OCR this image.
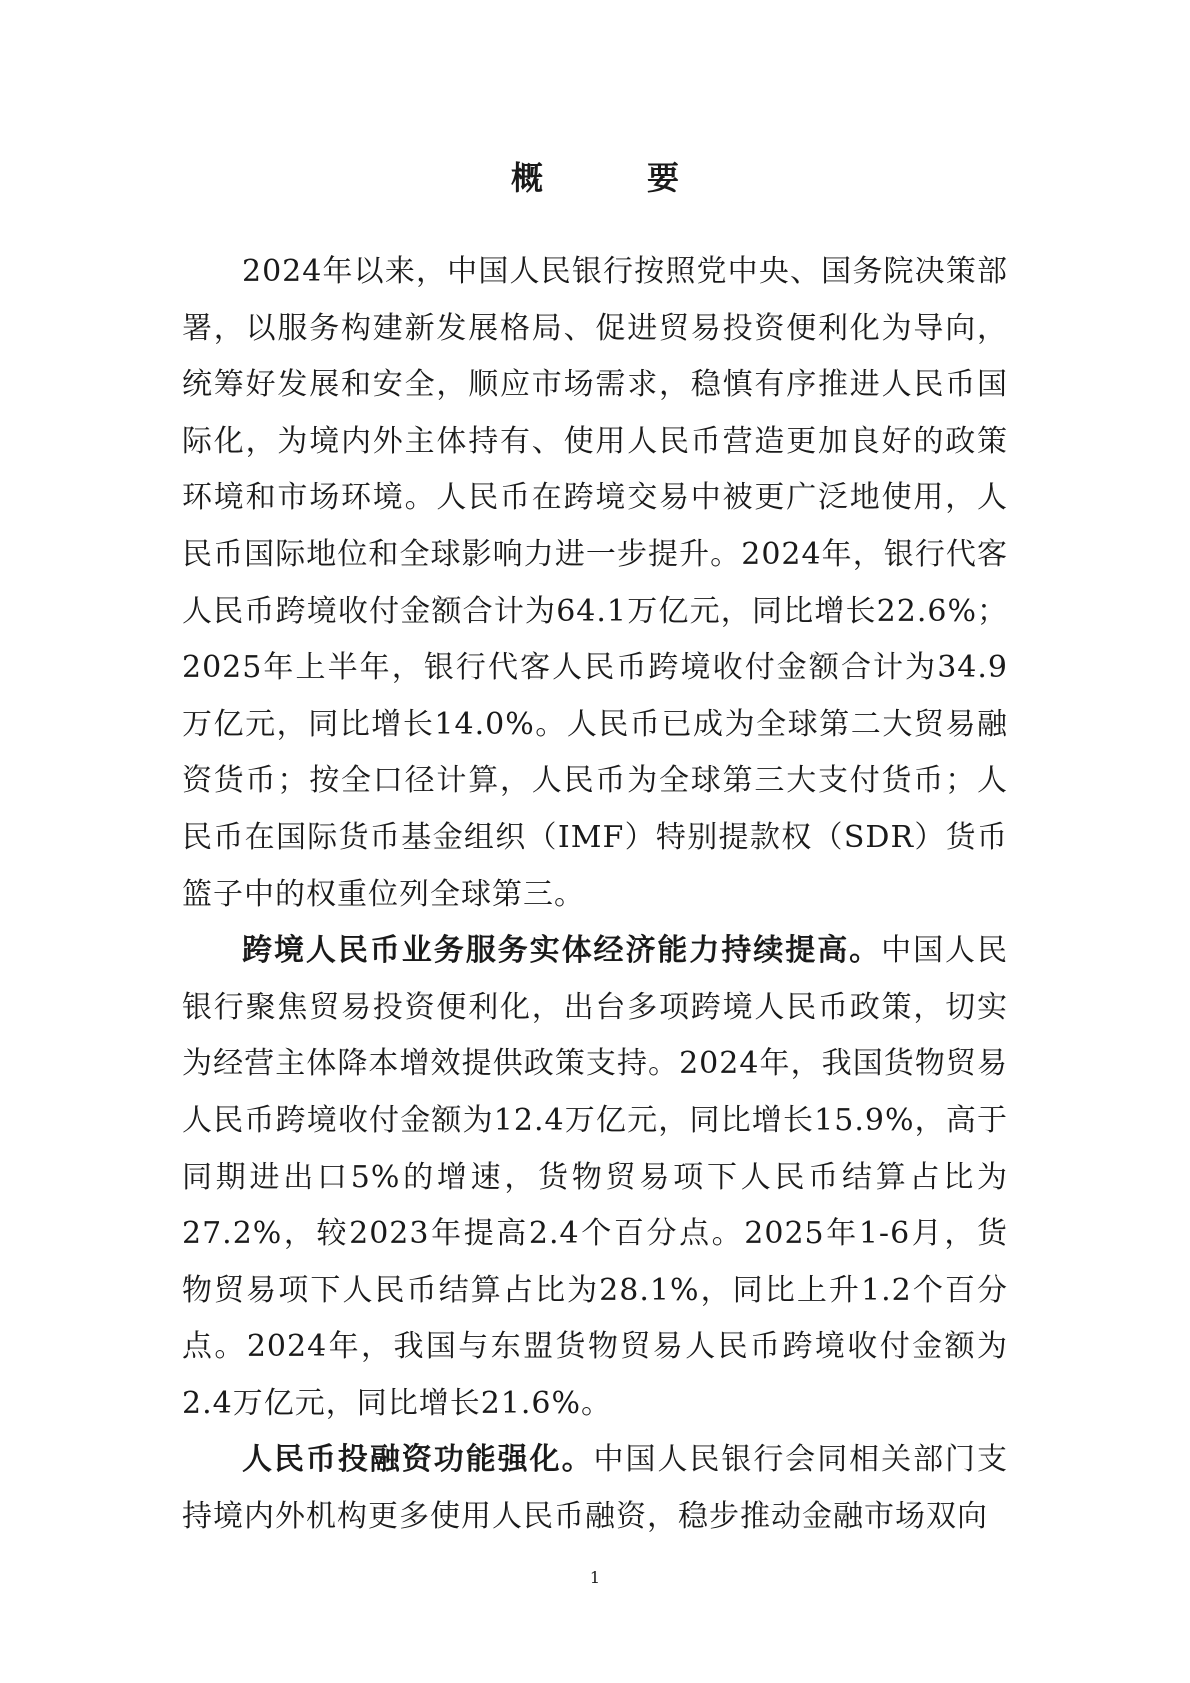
概　要

2024年以来，中国人民银行按照党中央、国务院决策部署，以服务构建新发展格局、促进贸易投资便利化为导向，统筹好发展和安全，顺应市场需求，稳慎有序推进人民币国际化，为境内外主体持有、使用人民币营造更加良好的政策环境和市场环境。人民币在跨境交易中被更广泛地使用，人民币国际地位和全球影响力进一步提升。2024年，银行代客人民币跨境收付金额合计为64.1万亿元，同比增长22.6%；2025年上半年，银行代客人民币跨境收付金额合计为34.9万亿元，同比增长14.0%。人民币已成为全球第二大贸易融资货币；按全口径计算，人民币为全球第三大支付货币；人民币在国际货币基金组织（IMF）特别提款权（SDR）货币篮子中的权重位列全球第三。

跨境人民币业务服务实体经济能力持续提高。中国人民银行聚焦贸易投资便利化，出台多项跨境人民币政策，切实为经营主体降本增效提供政策支持。2024年，我国货物贸易人民币跨境收付金额为12.4万亿元，同比增长15.9%，高于同期进出口5%的增速，货物贸易项下人民币结算占比为27.2%，较2023年提高2.4个百分点。2025年1-6月，货物贸易项下人民币结算占比为28.1%，同比上升1.2个百分点。2024年，我国与东盟货物贸易人民币跨境收付金额为2.4万亿元，同比增长21.6%。

人民币投融资功能强化。中国人民银行会同相关部门支持境内外机构更多使用人民币融资，稳步推动金融市场双向

1
